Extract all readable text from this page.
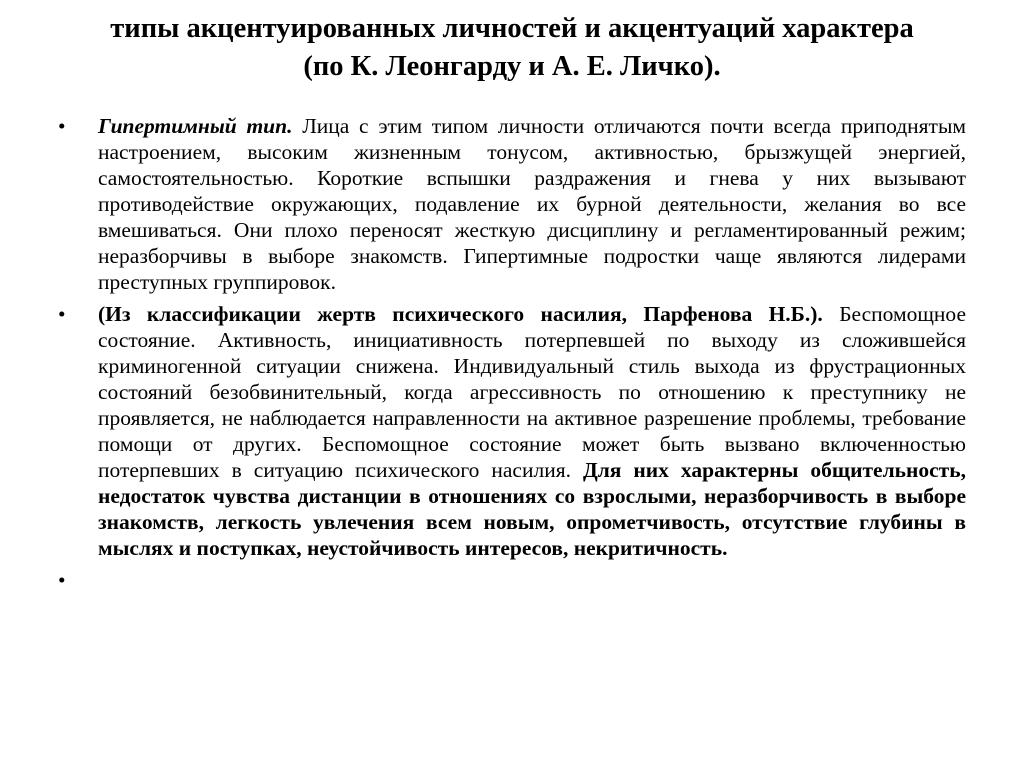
типы акцентуированных личностей и акцентуаций характера
(по К. Леонгарду и А. Е. Личко).
• Гипертимный тип. Лица с этим типом личности отличаются почти всегда приподнятым настроением, высоким жизненным тонусом, активностью, брызжущей энергией, самостоятельностью. Короткие вспышки раздражения и гнева у них вызывают противодействие окружающих, подавление их бурной деятельности, желания во все вмешиваться. Они плохо переносят жесткую дисциплину и регламентированный режим; неразборчивы в выборе знакомств. Гипертимные подростки чаще являются лидерами преступных группировок.
• (Из классификации жертв психического насилия, Парфенова Н.Б.). Беспомощное состояние. Активность, инициативность потерпевшей по выходу из сложившейся криминогенной ситуации снижена. Индивидуальный стиль выхода из фрустрационных состояний безобвинительный, когда агрессивность по отношению к преступнику не проявляется, не наблюдается направленности на активное разрешение проблемы, требование помощи от других. Беспомощное состояние может быть вызвано включенностью потерпевших в ситуацию психического насилия. Для них характерны общительность, недостаток чувства дистанции в отношениях со взрослыми, неразборчивость в выборе знакомств, легкость увлечения всем новым, опрометчивость, отсутствие глубины в мыслях и поступках, неустойчивость интересов, некритичность.
•
